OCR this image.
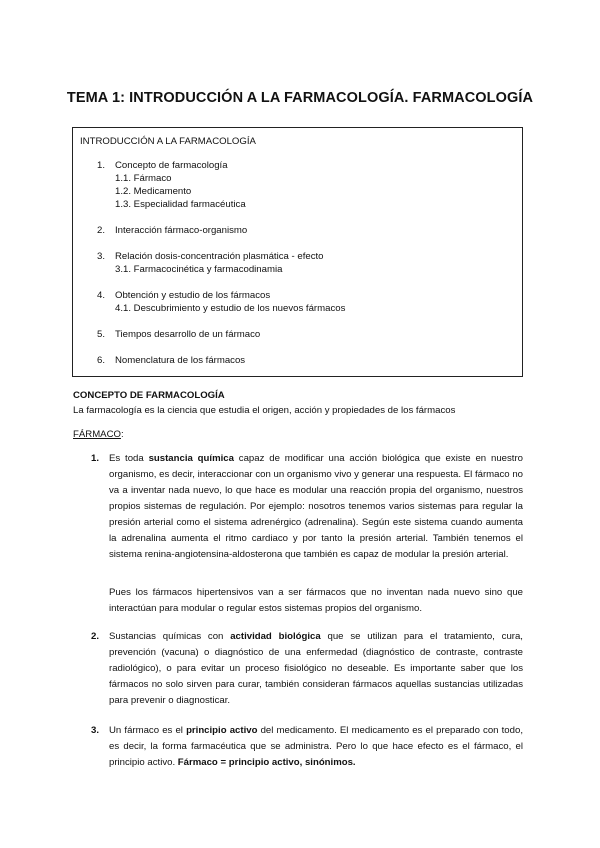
TEMA 1: INTRODUCCIÓN A LA FARMACOLOGÍA. FARMACOLOGÍA
INTRODUCCIÓN A LA FARMACOLOGÍA
1. Concepto de farmacología
1.1. Fármaco
1.2. Medicamento
1.3. Especialidad farmacéutica
2. Interacción fármaco-organismo
3. Relación dosis-concentración plasmática - efecto
3.1. Farmacocinética y farmacodinamia
4. Obtención y estudio de los fármacos
4.1. Descubrimiento y estudio de los nuevos fármacos
5. Tiempos desarrollo de un fármaco
6. Nomenclatura de los fármacos
CONCEPTO DE FARMACOLOGÍA
La farmacología es la ciencia que estudia el origen, acción y propiedades de los fármacos
FÁRMACO:
1. Es toda sustancia química capaz de modificar una acción biológica que existe en nuestro organismo, es decir, interaccionar con un organismo vivo y generar una respuesta. El fármaco no va a inventar nada nuevo, lo que hace es modular una reacción propia del organismo, nuestros propios sistemas de regulación. Por ejemplo: nosotros tenemos varios sistemas para regular la presión arterial como el sistema adrenérgico (adrenalina). Según este sistema cuando aumenta la adrenalina aumenta el ritmo cardiaco y por tanto la presión arterial. También tenemos el sistema renina-angiotensina-aldosterona que también es capaz de modular la presión arterial.
Pues los fármacos hipertensivos van a ser fármacos que no inventan nada nuevo sino que interactúan para modular o regular estos sistemas propios del organismo.
2. Sustancias químicas con actividad biológica que se utilizan para el tratamiento, cura, prevención (vacuna) o diagnóstico de una enfermedad (diagnóstico de contraste, contraste radiológico), o para evitar un proceso fisiológico no deseable. Es importante saber que los fármacos no solo sirven para curar, también consideran fármacos aquellas sustancias utilizadas para prevenir o diagnosticar.
3. Un fármaco es el principio activo del medicamento. El medicamento es el preparado con todo, es decir, la forma farmacéutica que se administra. Pero lo que hace efecto es el fármaco, el principio activo. Fármaco = principio activo, sinónimos.
